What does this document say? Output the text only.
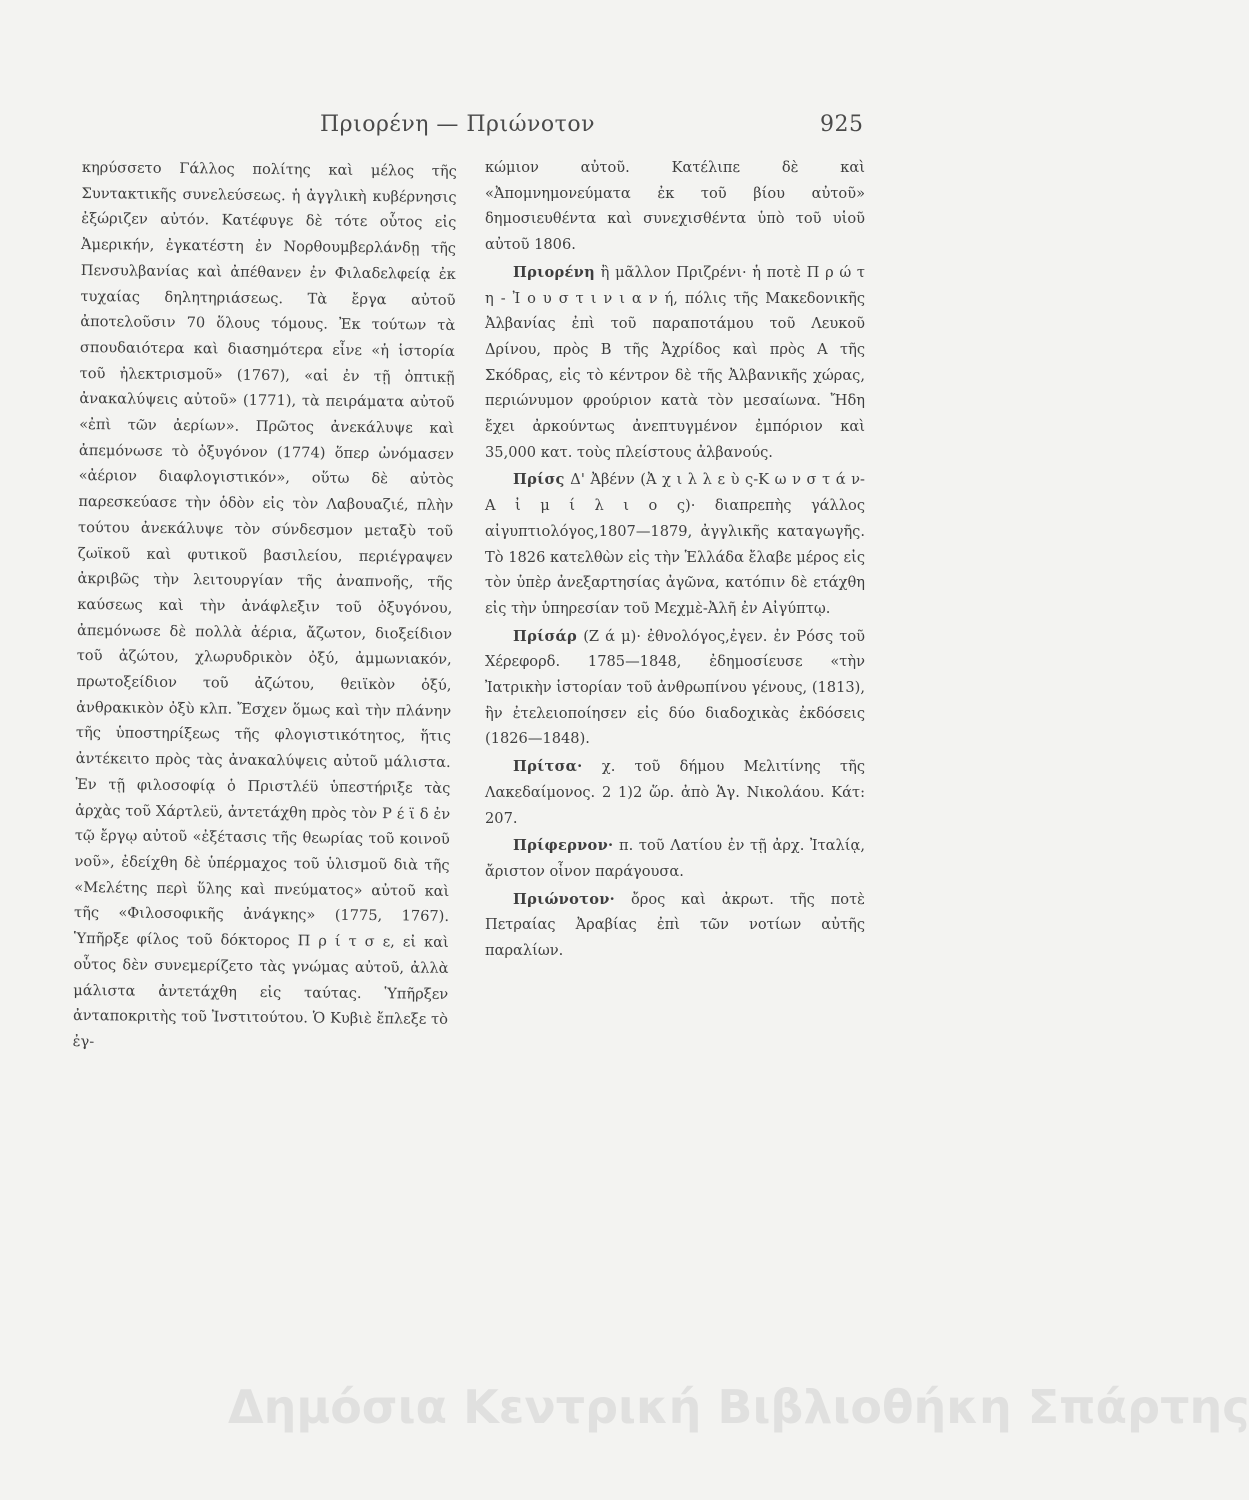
Πριορένη — Πριώνοτον	925

κηρύσσετο Γάλλος πολίτης καὶ μέλος τῆς Συντακτικῆς συνελεύσεως. ἡ ἀγγλικὴ κυβέρνησις ἐξώριζεν αὐτόν. Κατέφυγε δὲ τότε οὗτος εἰς Ἀμερικήν, ἐγκατέστη ἐν Νορθουμβερλάνδῃ τῆς Πενσυλβανίας καὶ ἀπέθανεν ἐν Φιλαδελφείᾳ ἐκ τυχαίας δηλητηριάσεως. Τὰ ἔργα αὐτοῦ ἀποτελοῦσιν 70 ὅλους τόμους. Ἐκ τούτων τὰ σπουδαιότερα καὶ διασημότερα εἶνε «ἡ ἱστορία τοῦ ἠλεκτρισμοῦ» (1767), «αἱ ἐν τῇ ὀπτικῇ ἀνακαλύψεις αὐτοῦ» (1771), τὰ πειράματα αὐτοῦ «ἐπὶ τῶν ἀερίων». Πρῶτος ἀνεκάλυψε καὶ ἀπεμόνωσε τὸ ὀξυγόνον (1774) ὅπερ ὠνόμασεν «ἀέριον διαφλογιστικόν», οὕτω δὲ αὐτὸς παρεσκεύασε τὴν ὁδὸν εἰς τὸν Λαβουαζιέ, πλὴν τούτου ἀνεκάλυψε τὸν σύνδεσμον μεταξὺ τοῦ ζωϊκοῦ καὶ φυτικοῦ βασιλείου, περιέγραψεν ἀκριβῶς τὴν λειτουργίαν τῆς ἀναπνοῆς, τῆς καύσεως καὶ τὴν ἀνάφλεξιν τοῦ ὀξυγόνου, ἀπεμόνωσε δὲ πολλὰ ἀέρια, ἄζωτον, διοξείδιον τοῦ ἀζώτου, χλωρυδρικὸν ὀξύ, ἀμμωνιακόν, πρωτοξείδιον τοῦ ἀζώτου, θειϊκὸν ὀξύ, ἀνθρακικὸν ὀξὺ κλπ. Ἔσχεν ὅμως καὶ τὴν πλάνην τῆς ὑποστηρίξεως τῆς φλογιστικότητος, ἥτις ἀντέκειτο πρὸς τὰς ἀνακαλύψεις αὐτοῦ μάλιστα. Ἐν τῇ φιλοσοφίᾳ ὁ Πριστλέϋ ὑπεστήριξε τὰς ἀρχὰς τοῦ Χάρτλεϋ, ἀντετάχθη πρὸς τὸν Ρ έ ϊ δ ἐν τῷ ἔργῳ αὐτοῦ «ἐξέτασις τῆς θεωρίας τοῦ κοινοῦ νοῦ», ἐδείχθη δὲ ὑπέρμαχος τοῦ ὑλισμοῦ διὰ τῆς «Μελέτης περὶ ὕλης καὶ πνεύματος» αὐτοῦ καὶ τῆς «Φιλοσοφικῆς ἀνάγκης» (1775, 1767). Ὑπῆρξε φίλος τοῦ δόκτορος Π ρ ί τ σ ε, εἰ καὶ οὗτος δὲν συνεμερίζετο τὰς γνώμας αὐτοῦ, ἀλλὰ μάλιστα ἀντετάχθη εἰς ταύτας. Ὑπῆρξεν ἀνταποκριτὴς τοῦ Ἰνστιτούτου. Ὁ Κυβιὲ ἔπλεξε τὸ ἐγ-

κώμιον αὐτοῦ. Κατέλιπε δὲ καὶ «Ἀπομνημονεύματα ἐκ τοῦ βίου αὐτοῦ» δημοσιευθέντα καὶ συνεχισθέντα ὑπὸ τοῦ υἱοῦ αὐτοῦ 1806.

Πριορένη ἢ μᾶλλον Πριζρένι· ἡ ποτὲ Π ρ ώ τ η - Ἰ ο υ σ τ ι ν ι α ν ή, πόλις τῆς Μακεδονικῆς Ἀλβανίας ἐπὶ τοῦ παραποτάμου τοῦ Λευκοῦ Δρίνου, πρὸς Β τῆς Ἀχρίδος καὶ πρὸς Α τῆς Σκόδρας, εἰς τὸ κέντρον δὲ τῆς Ἀλβανικῆς χώρας, περιώνυμον φρούριον κατὰ τὸν μεσαίωνα. Ἤδη ἔχει ἀρκούντως ἀνεπτυγμένον ἐμπόριον καὶ 35,000 κατ. τοὺς πλείστους ἀλβανούς.

Πρίσς Δ' Ἀβένν (Ἀ χ ι λ λ ε ὺ ς-Κ ω ν σ τ ά ν- Α ἰ μ ί λ ι ο ς)· διαπρεπὴς γάλλος αἰγυπτιολόγος,1807—1879, ἀγγλικῆς καταγωγῆς. Τὸ 1826 κατελθὼν εἰς τὴν Ἑλλάδα ἔλαβε μέρος εἰς τὸν ὑπὲρ ἀνεξαρτησίας ἀγῶνα, κατόπιν δὲ ετάχθη εἰς τὴν ὑπηρεσίαν τοῦ Μεχμὲ-Ἀλῆ ἐν Αἰγύπτῳ.

Πρίσάρ (Ζ ά μ)· ἐθνολόγος,ἐγεν. ἐν Ρόσς τοῦ Χέρεφορδ. 1785—1848, ἐδημοσίευσε «τὴν Ἰατρικὴν ἱστορίαν τοῦ ἀνθρωπίνου γένους, (1813), ἣν ἐτελειοποίησεν εἰς δύο διαδοχικὰς ἐκδόσεις (1826—1848).

Πρίτσα· χ. τοῦ δήμου Μελιτίνης τῆς Λακεδαίμονος. 2 1)2 ὥρ. ἀπὸ Ἁγ. Νικολάου. Κάτ: 207.

Πρίφερνον· π. τοῦ Λατίου ἐν τῇ ἀρχ. Ἰταλίᾳ, ἄριστον οἶνον παράγουσα.

Πριώνοτον· ὄρος καὶ ἀκρωτ. τῆς ποτὲ Πετραίας Ἀραβίας ἐπὶ τῶν νοτίων αὐτῆς παραλίων.

Δημόσια Κεντρική Βιβλιοθήκη Σπάρτης
